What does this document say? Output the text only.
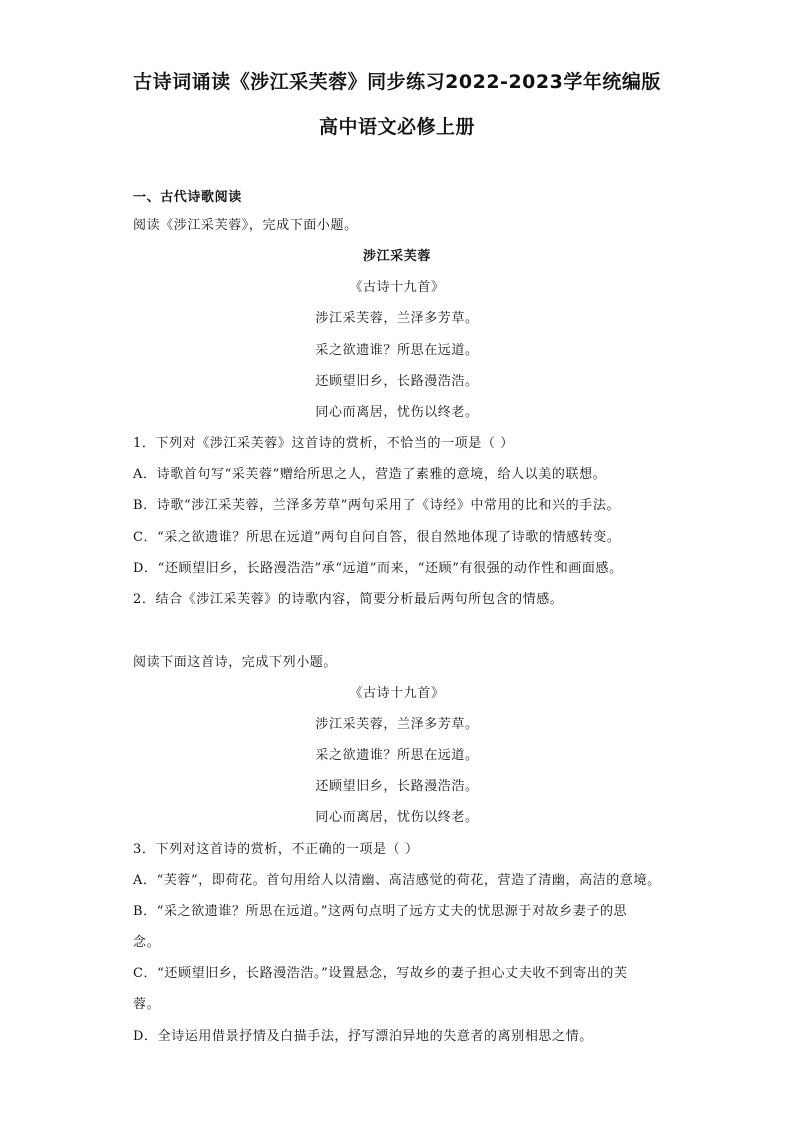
古诗词诵读《涉江采芙蓉》同步练习2022-2023学年统编版
高中语文必修上册
一、古代诗歌阅读
阅读《涉江采芙蓉》，完成下面小题。
涉江采芙蓉
《古诗十九首》
涉江采芙蓉，兰泽多芳草。
采之欲遗谁？所思在远道。
还顾望旧乡，长路漫浩浩。
同心而离居，忧伤以终老。
1．下列对《涉江采芙蓉》这首诗的赏析，不恰当的一项是（ ）
A．诗歌首句写“采芙蓉”赠给所思之人，营造了素雅的意境，给人以美的联想。
B．诗歌“涉江采芙蓉，兰泽多芳草”两句采用了《诗经》中常用的比和兴的手法。
C．“采之欲遗谁？所思在远道”两句自问自答，很自然地体现了诗歌的情感转变。
D．“还顾望旧乡，长路漫浩浩”承“远道”而来，“还顾”有很强的动作性和画面感。
2．结合《涉江采芙蓉》的诗歌内容，简要分析最后两句所包含的情感。
阅读下面这首诗，完成下列小题。
《古诗十九首》
涉江采芙蓉，兰泽多芳草。
采之欲遗谁？所思在远道。
还顾望旧乡，长路漫浩浩。
同心而离居，忧伤以终老。
3．下列对这首诗的赏析，不正确的一项是（ ）
A．“芙蓉”，即荷花。首句用给人以清幽、高洁感觉的荷花，营造了清幽，高洁的意境。
B．“采之欲遗谁？所思在远道。”这两句点明了远方丈夫的忧思源于对故乡妻子的思
念。
C．“还顾望旧乡，长路漫浩浩。”设置悬念，写故乡的妻子担心丈夫收不到寄出的芙
蓉。
D．全诗运用借景抒情及白描手法，抒写漂泊异地的失意者的离别相思之情。
